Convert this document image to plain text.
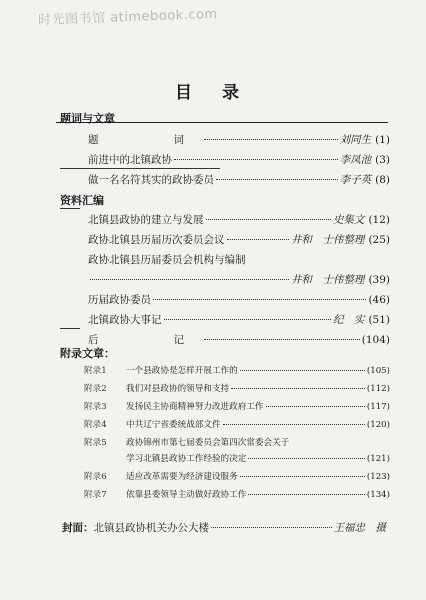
时光图书馆 atimebook.com
目 录
题词与文章
题　　词	刘同生 (1)
前进中的北镇政协	李凤池 (3)
做一名名符其实的政协委员	李子英 (8)
资料汇编
北镇县政协的建立与发展	史集文 (12)
政协北镇县历届历次委员会议	井和　士伟整理 (25)
政协北镇县历届委员会机构与编制
井和　士伟整理 (39)
历届政协委员	(46)
北镇政协大事记	纪　实 (51)
后　　记	(104)
附录文章：
附录1	一个县政协是怎样开展工作的	(105)
附录2	我们对县政协的领导和支持	(112)
附录3	发扬民主协商精神努力改进政府工作	(117)
附录4	中共辽宁省委统战部文件	(120)
附录5	政协锦州市第七届委员会第四次常委会关于
学习北镇县政协工作经验的决定	(121)
附录6	适应改革需要为经济建设服务	(123)
附录7	依靠县委领导主动做好政协工作	(134)
封面： 北镇县政协机关办公大楼	王福忠　摄
